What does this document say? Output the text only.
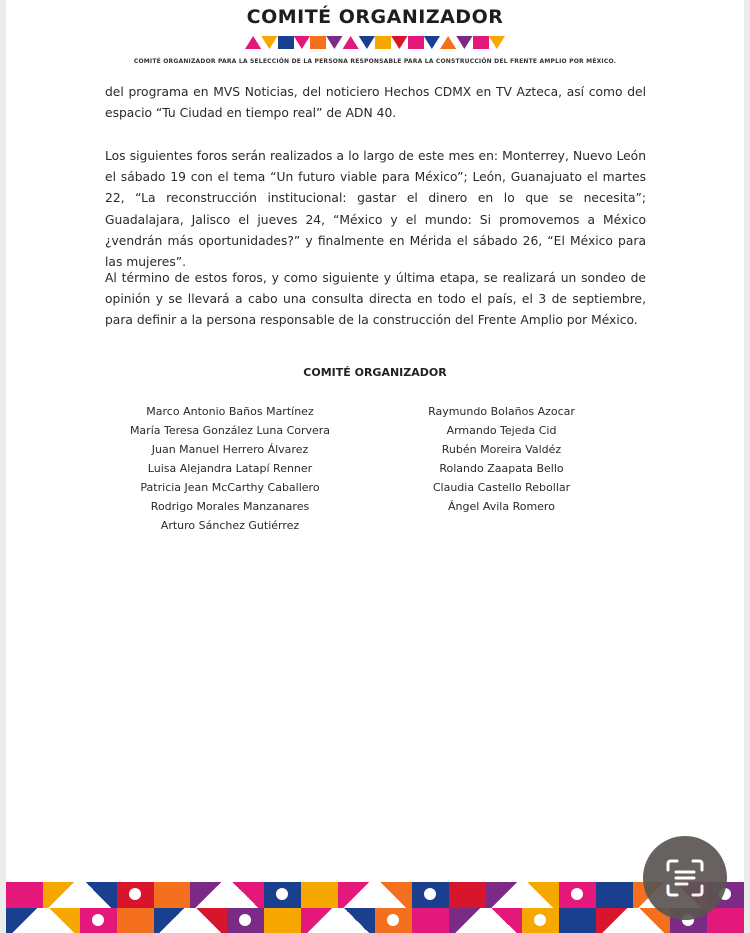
COMITÉ ORGANIZADOR
COMITÉ ORGANIZADOR PARA LA SELECCIÓN DE LA PERSONA RESPONSABLE PARA LA CONSTRUCCIÓN DEL FRENTE AMPLIO POR MÉXICO.

del programa en MVS Noticias, del noticiero Hechos CDMX en TV Azteca, así como del espacio “Tu Ciudad en tiempo real” de ADN 40.

Los siguientes foros serán realizados a lo largo de este mes en: Monterrey, Nuevo León el sábado 19 con el tema “Un futuro viable para México”; León, Guanajuato el martes 22, “La reconstrucción institucional: gastar el dinero en lo que se necesita”; Guadalajara, Jalisco el jueves 24, “México y el mundo: Si promovemos a México ¿vendrán más oportunidades?” y finalmente en Mérida el sábado 26, “El México para las mujeres”.

Al término de estos foros, y como siguiente y última etapa, se realizará un sondeo de opinión y se llevará a cabo una consulta directa en todo el país, el 3 de septiembre, para definir a la persona responsable de la construcción del Frente Amplio por México.

COMITÉ ORGANIZADOR
Marco Antonio Baños Martínez
María Teresa González Luna Corvera
Juan Manuel Herrero Álvarez
Luisa Alejandra Latapí Renner
Patricia Jean McCarthy Caballero
Rodrigo Morales Manzanares
Arturo Sánchez Gutiérrez
Raymundo Bolaños Azocar
Armando Tejeda Cid
Rubén Moreira Valdéz
Rolando Zaapata Bello
Claudia Castello Rebollar
Ángel Avila Romero
